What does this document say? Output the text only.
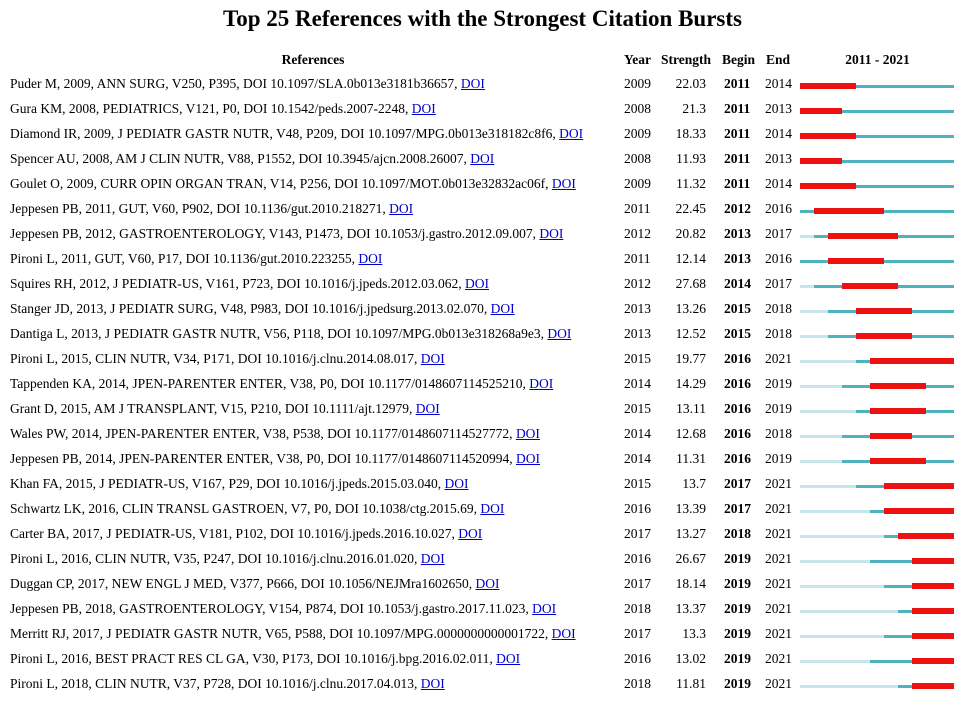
Top 25 References with the Strongest Citation Bursts
References	Year Strength Begin End	2011 - 2021
Puder M, 2009, ANN SURG, V250, P395, DOI 10.1097/SLA.0b013e3181b36657, DOI	2009	22.03 2011 2014
Gura KM, 2008, PEDIATRICS, V121, P0, DOI 10.1542/peds.2007-2248, DOI	2008	21.3 2011 2013
Diamond IR, 2009, J PEDIATR GASTR NUTR, V48, P209, DOI 10.1097/MPG.0b013e318182c8f6, DOI	2009	18.33 2011 2014
Spencer AU, 2008, AM J CLIN NUTR, V88, P1552, DOI 10.3945/ajcn.2008.26007, DOI	2008	11.93 2011 2013
Goulet O, 2009, CURR OPIN ORGAN TRAN, V14, P256, DOI 10.1097/MOT.0b013e32832ac06f, DOI	2009	11.32 2011 2014
Jeppesen PB, 2011, GUT, V60, P902, DOI 10.1136/gut.2010.218271, DOI	2011	22.45 2012 2016
Jeppesen PB, 2012, GASTROENTEROLOGY, V143, P1473, DOI 10.1053/j.gastro.2012.09.007, DOI	2012	20.82 2013 2017
Pironi L, 2011, GUT, V60, P17, DOI 10.1136/gut.2010.223255, DOI	2011	12.14 2013 2016
Squires RH, 2012, J PEDIATR-US, V161, P723, DOI 10.1016/j.jpeds.2012.03.062, DOI	2012	27.68 2014 2017
Stanger JD, 2013, J PEDIATR SURG, V48, P983, DOI 10.1016/j.jpedsurg.2013.02.070, DOI	2013	13.26 2015 2018
Dantiga L, 2013, J PEDIATR GASTR NUTR, V56, P118, DOI 10.1097/MPG.0b013e318268a9e3, DOI	2013	12.52 2015 2018
Pironi L, 2015, CLIN NUTR, V34, P171, DOI 10.1016/j.clnu.2014.08.017, DOI	2015	19.77 2016 2021
Tappenden KA, 2014, JPEN-PARENTER ENTER, V38, P0, DOI 10.1177/0148607114525210, DOI	2014	14.29 2016 2019
Grant D, 2015, AM J TRANSPLANT, V15, P210, DOI 10.1111/ajt.12979, DOI	2015	13.11 2016 2019
Wales PW, 2014, JPEN-PARENTER ENTER, V38, P538, DOI 10.1177/0148607114527772, DOI	2014	12.68 2016 2018
Jeppesen PB, 2014, JPEN-PARENTER ENTER, V38, P0, DOI 10.1177/0148607114520994, DOI	2014	11.31 2016 2019
Khan FA, 2015, J PEDIATR-US, V167, P29, DOI 10.1016/j.jpeds.2015.03.040, DOI	2015	13.7 2017 2021
Schwartz LK, 2016, CLIN TRANSL GASTROEN, V7, P0, DOI 10.1038/ctg.2015.69, DOI	2016	13.39 2017 2021
Carter BA, 2017, J PEDIATR-US, V181, P102, DOI 10.1016/j.jpeds.2016.10.027, DOI	2017	13.27 2018 2021
Pironi L, 2016, CLIN NUTR, V35, P247, DOI 10.1016/j.clnu.2016.01.020, DOI	2016	26.67 2019 2021
Duggan CP, 2017, NEW ENGL J MED, V377, P666, DOI 10.1056/NEJMra1602650, DOI	2017	18.14 2019 2021
Jeppesen PB, 2018, GASTROENTEROLOGY, V154, P874, DOI 10.1053/j.gastro.2017.11.023, DOI	2018	13.37 2019 2021
Merritt RJ, 2017, J PEDIATR GASTR NUTR, V65, P588, DOI 10.1097/MPG.0000000000001722, DOI	2017	13.3 2019 2021
Pironi L, 2016, BEST PRACT RES CL GA, V30, P173, DOI 10.1016/j.bpg.2016.02.011, DOI	2016	13.02 2019 2021
Pironi L, 2018, CLIN NUTR, V37, P728, DOI 10.1016/j.clnu.2017.04.013, DOI	2018	11.81 2019 2021
